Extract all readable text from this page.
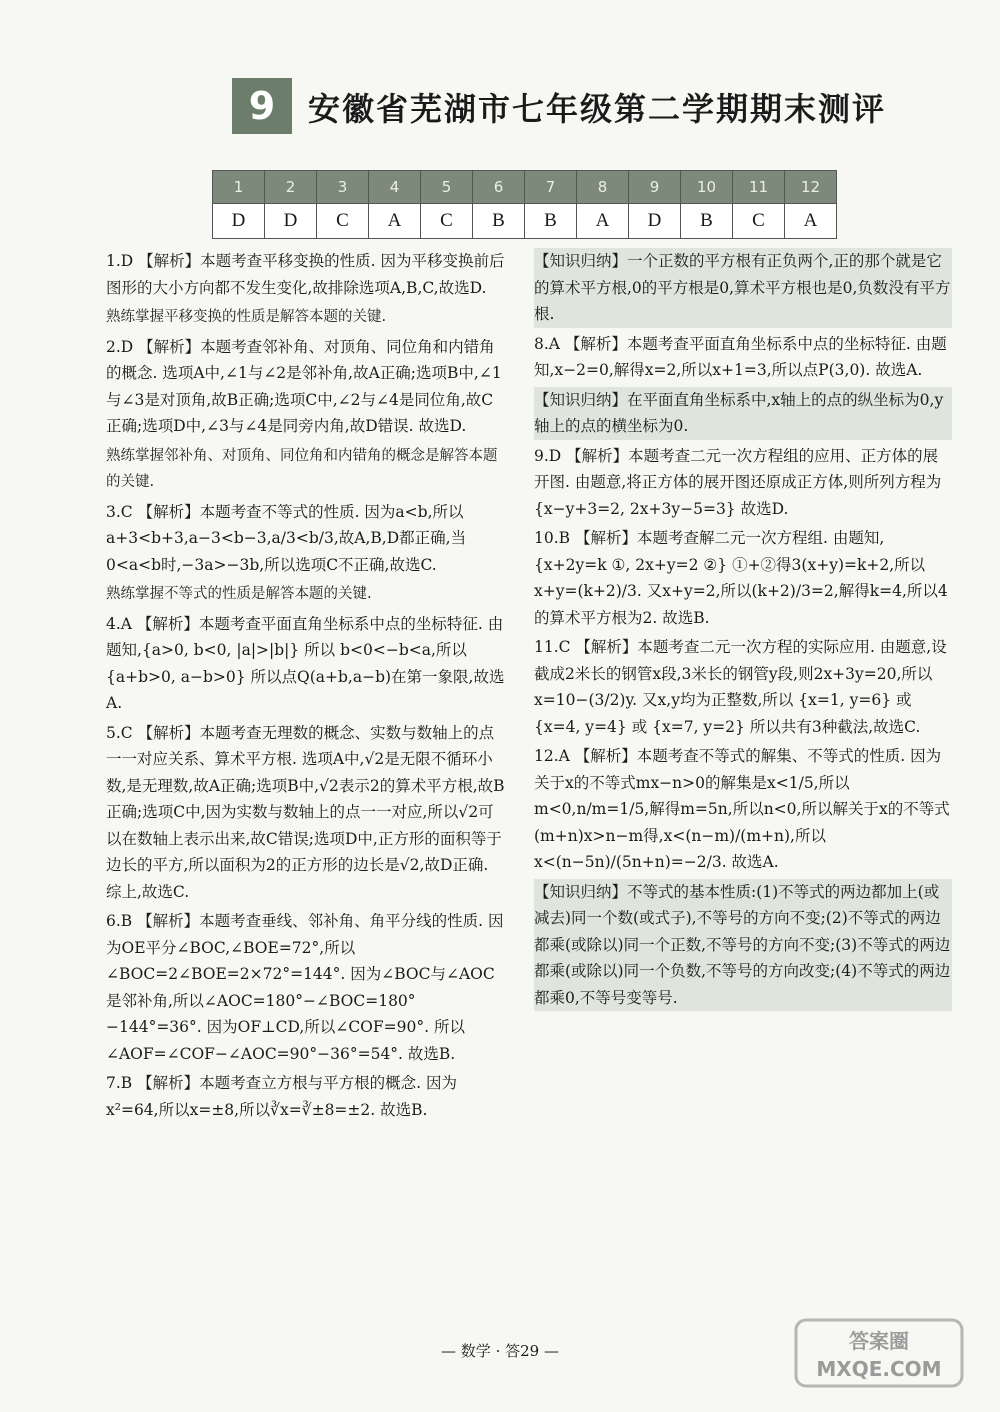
9	安徽省芜湖市七年级第二学期期末测评
1	2	3	4	5	6	7	8	9	10	11	12
D	D	C	A	C	B	B	A	D	B	C	A

1.D 【解析】本题考查平移变换的性质. 因为平移变换前后图形的大小方向都不发生变化,故排除选项A,B,C,故选D.

熟练掌握平移变换的性质是解答本题的关键.

2.D 【解析】本题考查邻补角、对顶角、同位角和内错角的概念. 选项A中,∠1与∠2是邻补角,故A正确;选项B中,∠1与∠3是对顶角,故B正确;选项C中,∠2与∠4是同位角,故C正确;选项D中,∠3与∠4是同旁内角,故D错误. 故选D.

熟练掌握邻补角、对顶角、同位角和内错角的概念是解答本题的关键.

3.C 【解析】本题考查不等式的性质. 因为a<b,所以a+3<b+3,a−3<b−3,a/3<b/3,故A,B,D都正确,当0<a<b时,−3a>−3b,所以选项C不正确,故选C.

熟练掌握不等式的性质是解答本题的关键.

4.A 【解析】本题考查平面直角坐标系中点的坐标特征. 由题知,{a>0, b<0, |a|>|b|} 所以 b<0<−b<a,所以 {a+b>0, a−b>0} 所以点Q(a+b,a−b)在第一象限,故选A.

5.C 【解析】本题考查无理数的概念、实数与数轴上的点一一对应关系、算术平方根. 选项A中,√2是无限不循环小数,是无理数,故A正确;选项B中,√2表示2的算术平方根,故B正确;选项C中,因为实数与数轴上的点一一对应,所以√2可以在数轴上表示出来,故C错误;选项D中,正方形的面积等于边长的平方,所以面积为2的正方形的边长是√2,故D正确. 综上,故选C.

6.B 【解析】本题考查垂线、邻补角、角平分线的性质. 因为OE平分∠BOC,∠BOE=72°,所以∠BOC=2∠BOE=2×72°=144°. 因为∠BOC与∠AOC是邻补角,所以∠AOC=180°−∠BOC=180°−144°=36°. 因为OF⊥CD,所以∠COF=90°. 所以∠AOF=∠COF−∠AOC=90°−36°=54°. 故选B.

7.B 【解析】本题考查立方根与平方根的概念. 因为x²=64,所以x=±8,所以∛x=∛±8=±2. 故选B.

【知识归纳】一个正数的平方根有正负两个,正的那个就是它的算术平方根,0的平方根是0,算术平方根也是0,负数没有平方根.

8.A 【解析】本题考查平面直角坐标系中点的坐标特征. 由题知,x−2=0,解得x=2,所以x+1=3,所以点P(3,0). 故选A.

【知识归纳】在平面直角坐标系中,x轴上的点的纵坐标为0,y轴上的点的横坐标为0.

9.D 【解析】本题考查二元一次方程组的应用、正方体的展开图. 由题意,将正方体的展开图还原成正方体,则所列方程为 {x−y+3=2, 2x+3y−5=3} 故选D.

10.B 【解析】本题考查解二元一次方程组. 由题知,{x+2y=k ①, 2x+y=2 ②} ①+②得3(x+y)=k+2,所以x+y=(k+2)/3. 又x+y=2,所以(k+2)/3=2,解得k=4,所以4的算术平方根为2. 故选B.

11.C 【解析】本题考查二元一次方程的实际应用. 由题意,设截成2米长的钢管x段,3米长的钢管y段,则2x+3y=20,所以x=10−(3/2)y. 又x,y均为正整数,所以 {x=1, y=6} 或 {x=4, y=4} 或 {x=7, y=2} 所以共有3种截法,故选C.

12.A 【解析】本题考查不等式的解集、不等式的性质. 因为关于x的不等式mx−n>0的解集是x<1/5,所以m<0,n/m=1/5,解得m=5n,所以n<0,所以解关于x的不等式(m+n)x>n−m得,x<(n−m)/(m+n),所以x<(n−5n)/(5n+n)=−2/3. 故选A.

【知识归纳】不等式的基本性质:(1)不等式的两边都加上(或减去)同一个数(或式子),不等号的方向不变;(2)不等式的两边都乘(或除以)同一个正数,不等号的方向不变;(3)不等式的两边都乘(或除以)同一个负数,不等号的方向改变;(4)不等式的两边都乘0,不等号变等号.

— 数学 · 答29 —	答案圈
MXQE.COM
